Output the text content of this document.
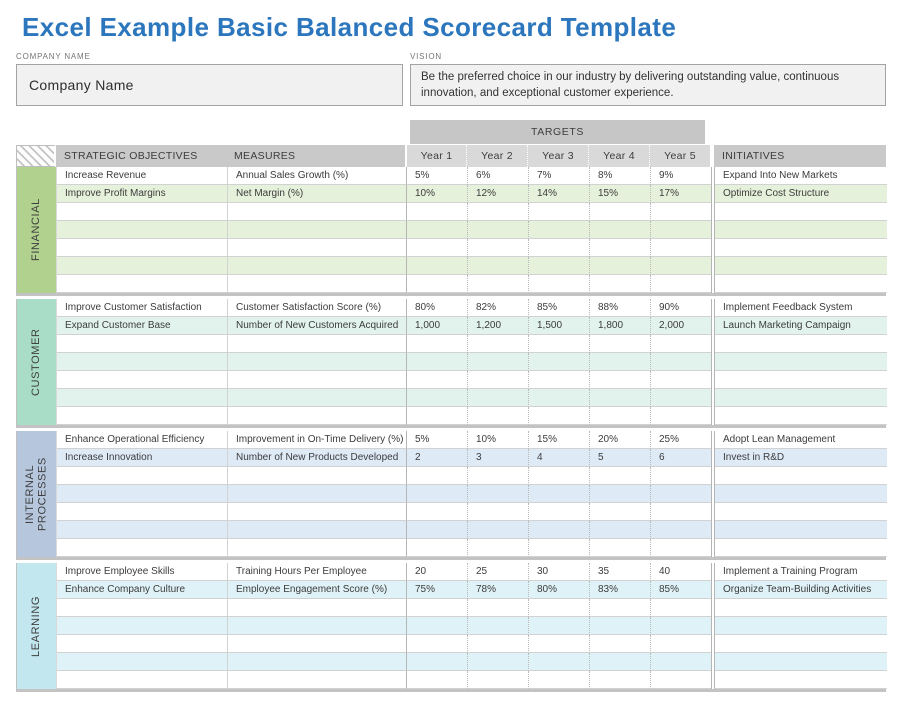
Excel Example Basic Balanced Scorecard Template
COMPANY NAME
Company Name
VISION
Be the preferred choice in our industry by delivering outstanding value, continuous innovation, and exceptional customer experience.
TARGETS
STRATEGIC OBJECTIVES	MEASURES	Year 1	Year 2	Year 3	Year 4	Year 5	INITIATIVES
FINANCIAL
Increase Revenue	Annual Sales Growth (%)	5%	6%	7%	8%	9%	Expand Into New Markets
Improve Profit Margins	Net Margin (%)	10%	12%	14%	15%	17%	Optimize Cost Structure
CUSTOMER
Improve Customer Satisfaction	Customer Satisfaction Score (%)	80%	82%	85%	88%	90%	Implement Feedback System
Expand Customer Base	Number of New Customers Acquired	1,000	1,200	1,500	1,800	2,000	Launch Marketing Campaign
INTERNAL PROCESSES
Enhance Operational Efficiency	Improvement in On-Time Delivery (%)	5%	10%	15%	20%	25%	Adopt Lean Management
Increase Innovation	Number of New Products Developed	2	3	4	5	6	Invest in R&D
LEARNING
Improve Employee Skills	Training Hours Per Employee	20	25	30	35	40	Implement a Training Program
Enhance Company Culture	Employee Engagement Score (%)	75%	78%	80%	83%	85%	Organize Team-Building Activities
